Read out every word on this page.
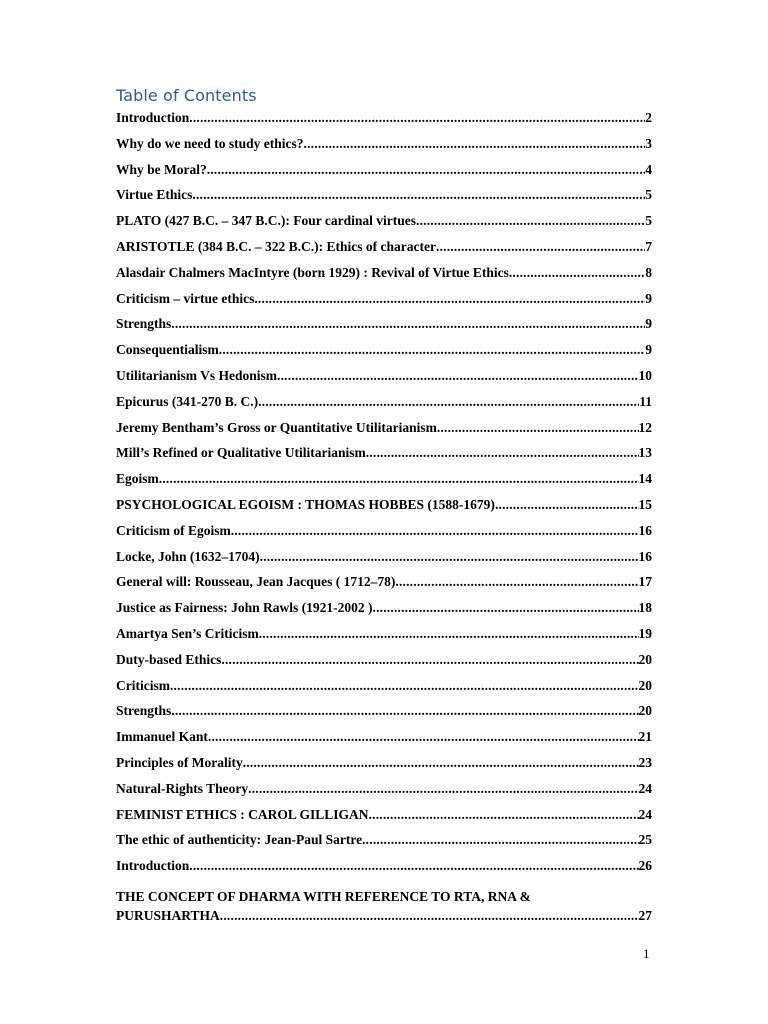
Table of Contents
Introduction .....	2
Why do we need to study ethics? .....	3
Why be Moral? .....	4
Virtue Ethics .....	5
PLATO (427 B.C. – 347 B.C.): Four cardinal virtues .....	5
ARISTOTLE (384 B.C. – 322 B.C.): Ethics of character .....	7
Alasdair Chalmers MacIntyre (born 1929) : Revival of Virtue Ethics .....	8
Criticism – virtue ethics .....	9
Strengths .....	9
Consequentialism .....	9
Utilitarianism Vs Hedonism .....	10
Epicurus (341-270 B. C.) .....	11
Jeremy Bentham’s Gross or Quantitative Utilitarianism .....	12
Mill’s Refined or Qualitative Utilitarianism .....	13
Egoism .....	14
PSYCHOLOGICAL EGOISM : THOMAS HOBBES (1588-1679) .....	15
Criticism of Egoism .....	16
Locke, John (1632–1704) .....	16
General will: Rousseau, Jean Jacques ( 1712–78) .....	17
Justice as Fairness: John Rawls (1921-2002 ) .....	18
Amartya Sen’s Criticism .....	19
Duty-based Ethics .....	20
Criticism .....	20
Strengths .....	20
Immanuel Kant .....	21
Principles of Morality .....	23
Natural-Rights Theory .....	24
FEMINIST ETHICS : CAROL GILLIGAN .....	24
The ethic of authenticity: Jean-Paul Sartre .....	25
Introduction .....	26
THE CONCEPT OF DHARMA WITH REFERENCE TO RTA, RNA &
PURUSHARTHA .....	27
1
